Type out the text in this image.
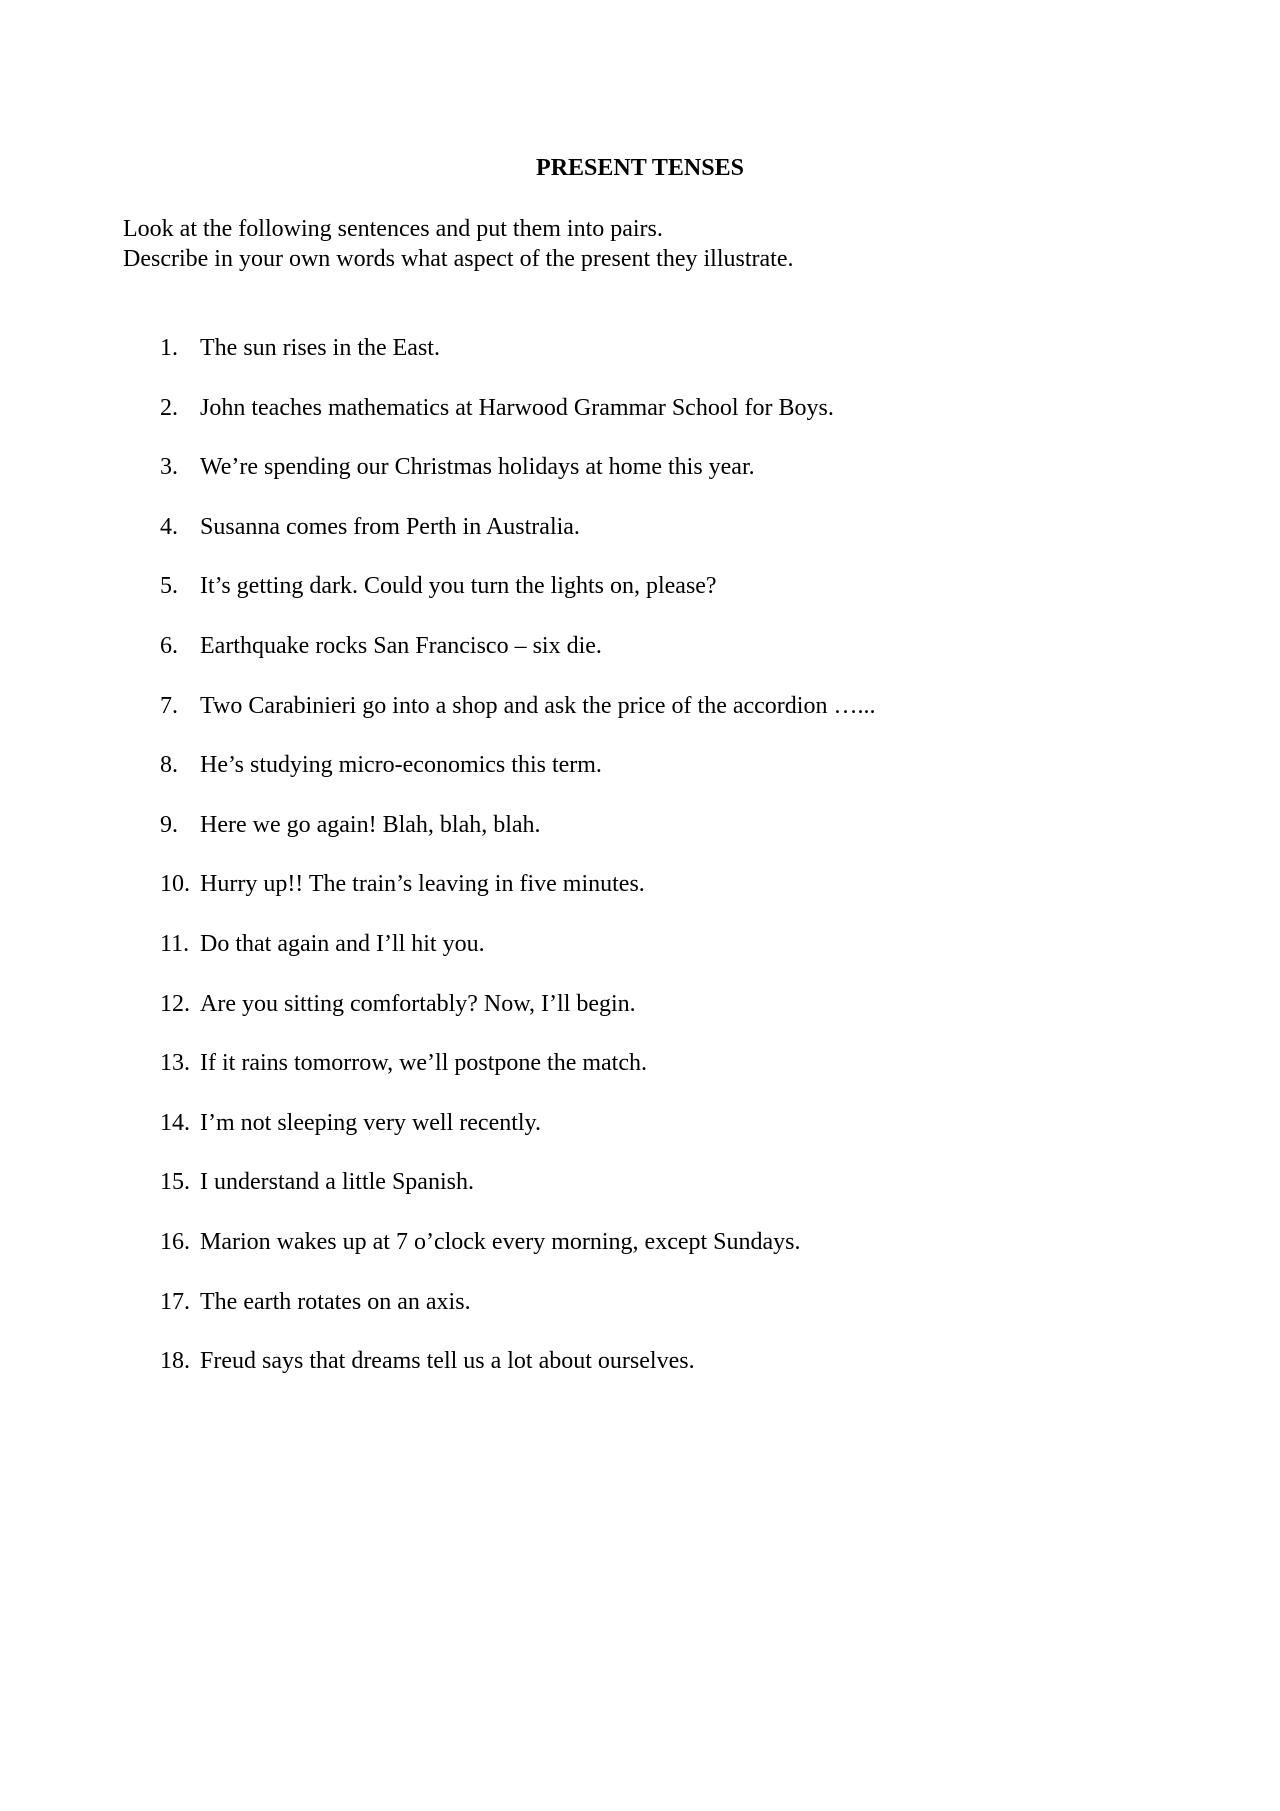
PRESENT TENSES
Look at the following sentences and put them into pairs.
Describe in your own words what aspect of the present they illustrate.
1. The sun rises in the East.
2. John teaches mathematics at Harwood Grammar School for Boys.
3. We’re spending our Christmas holidays at home this year.
4. Susanna comes from Perth in Australia.
5. It’s getting dark. Could you turn the lights on, please?
6. Earthquake rocks San Francisco – six die.
7. Two Carabinieri go into a shop and ask the price of the accordion …...
8. He’s studying micro-economics this term.
9. Here we go again! Blah, blah, blah.
10. Hurry up!! The train’s leaving in five minutes.
11. Do that again and I’ll hit you.
12. Are you sitting comfortably? Now, I’ll begin.
13. If it rains tomorrow, we’ll postpone the match.
14. I’m not sleeping very well recently.
15. I understand a little Spanish.
16. Marion wakes up at 7 o’clock every morning, except Sundays.
17. The earth rotates on an axis.
18. Freud says that dreams tell us a lot about ourselves.
